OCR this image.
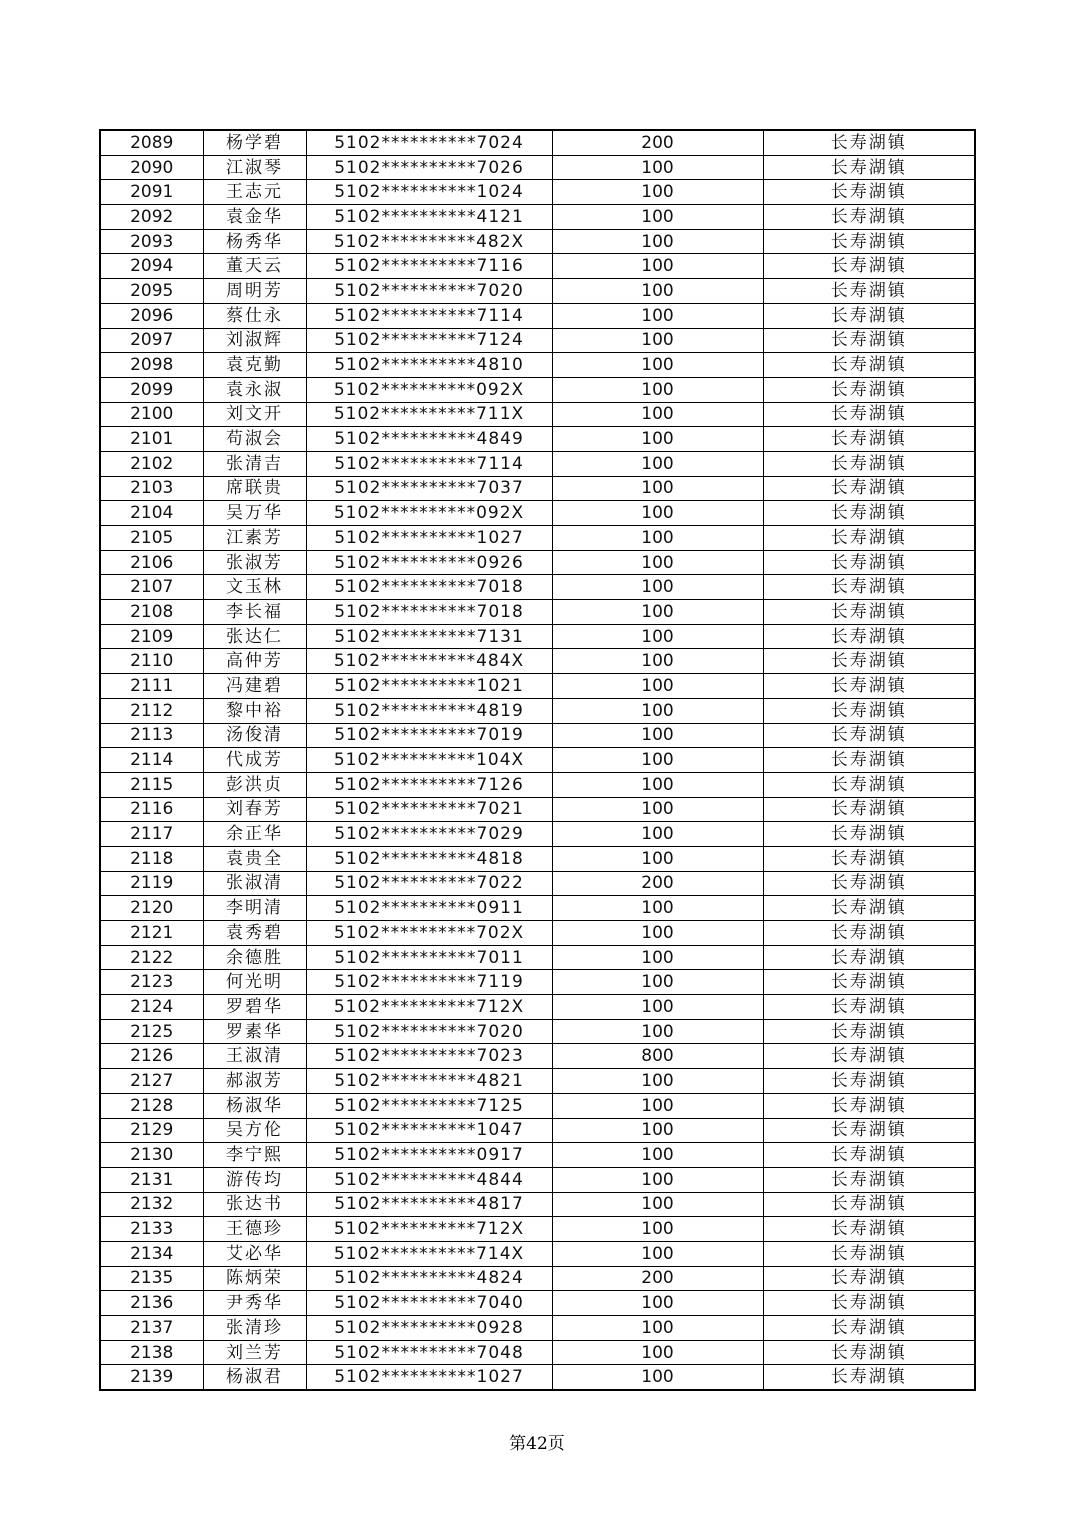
2089	杨学碧	5102**********7024	200	长寿湖镇
2090	江淑琴	5102**********7026	100	长寿湖镇
2091	王志元	5102**********1024	100	长寿湖镇
2092	袁金华	5102**********4121	100	长寿湖镇
2093	杨秀华	5102**********482X	100	长寿湖镇
2094	董天云	5102**********7116	100	长寿湖镇
2095	周明芳	5102**********7020	100	长寿湖镇
2096	蔡仕永	5102**********7114	100	长寿湖镇
2097	刘淑辉	5102**********7124	100	长寿湖镇
2098	袁克勤	5102**********4810	100	长寿湖镇
2099	袁永淑	5102**********092X	100	长寿湖镇
2100	刘文开	5102**********711X	100	长寿湖镇
2101	苟淑会	5102**********4849	100	长寿湖镇
2102	张清吉	5102**********7114	100	长寿湖镇
2103	席联贵	5102**********7037	100	长寿湖镇
2104	吴万华	5102**********092X	100	长寿湖镇
2105	江素芳	5102**********1027	100	长寿湖镇
2106	张淑芳	5102**********0926	100	长寿湖镇
2107	文玉林	5102**********7018	100	长寿湖镇
2108	李长福	5102**********7018	100	长寿湖镇
2109	张达仁	5102**********7131	100	长寿湖镇
2110	高仲芳	5102**********484X	100	长寿湖镇
2111	冯建碧	5102**********1021	100	长寿湖镇
2112	黎中裕	5102**********4819	100	长寿湖镇
2113	汤俊清	5102**********7019	100	长寿湖镇
2114	代成芳	5102**********104X	100	长寿湖镇
2115	彭洪贞	5102**********7126	100	长寿湖镇
2116	刘春芳	5102**********7021	100	长寿湖镇
2117	余正华	5102**********7029	100	长寿湖镇
2118	袁贵全	5102**********4818	100	长寿湖镇
2119	张淑清	5102**********7022	200	长寿湖镇
2120	李明清	5102**********0911	100	长寿湖镇
2121	袁秀碧	5102**********702X	100	长寿湖镇
2122	余德胜	5102**********7011	100	长寿湖镇
2123	何光明	5102**********7119	100	长寿湖镇
2124	罗碧华	5102**********712X	100	长寿湖镇
2125	罗素华	5102**********7020	100	长寿湖镇
2126	王淑清	5102**********7023	800	长寿湖镇
2127	郝淑芳	5102**********4821	100	长寿湖镇
2128	杨淑华	5102**********7125	100	长寿湖镇
2129	吴方伦	5102**********1047	100	长寿湖镇
2130	李宁熙	5102**********0917	100	长寿湖镇
2131	游传均	5102**********4844	100	长寿湖镇
2132	张达书	5102**********4817	100	长寿湖镇
2133	王德珍	5102**********712X	100	长寿湖镇
2134	艾必华	5102**********714X	100	长寿湖镇
2135	陈炳荣	5102**********4824	200	长寿湖镇
2136	尹秀华	5102**********7040	100	长寿湖镇
2137	张清珍	5102**********0928	100	长寿湖镇
2138	刘兰芳	5102**********7048	100	长寿湖镇
2139	杨淑君	5102**********1027	100	长寿湖镇
第42页
